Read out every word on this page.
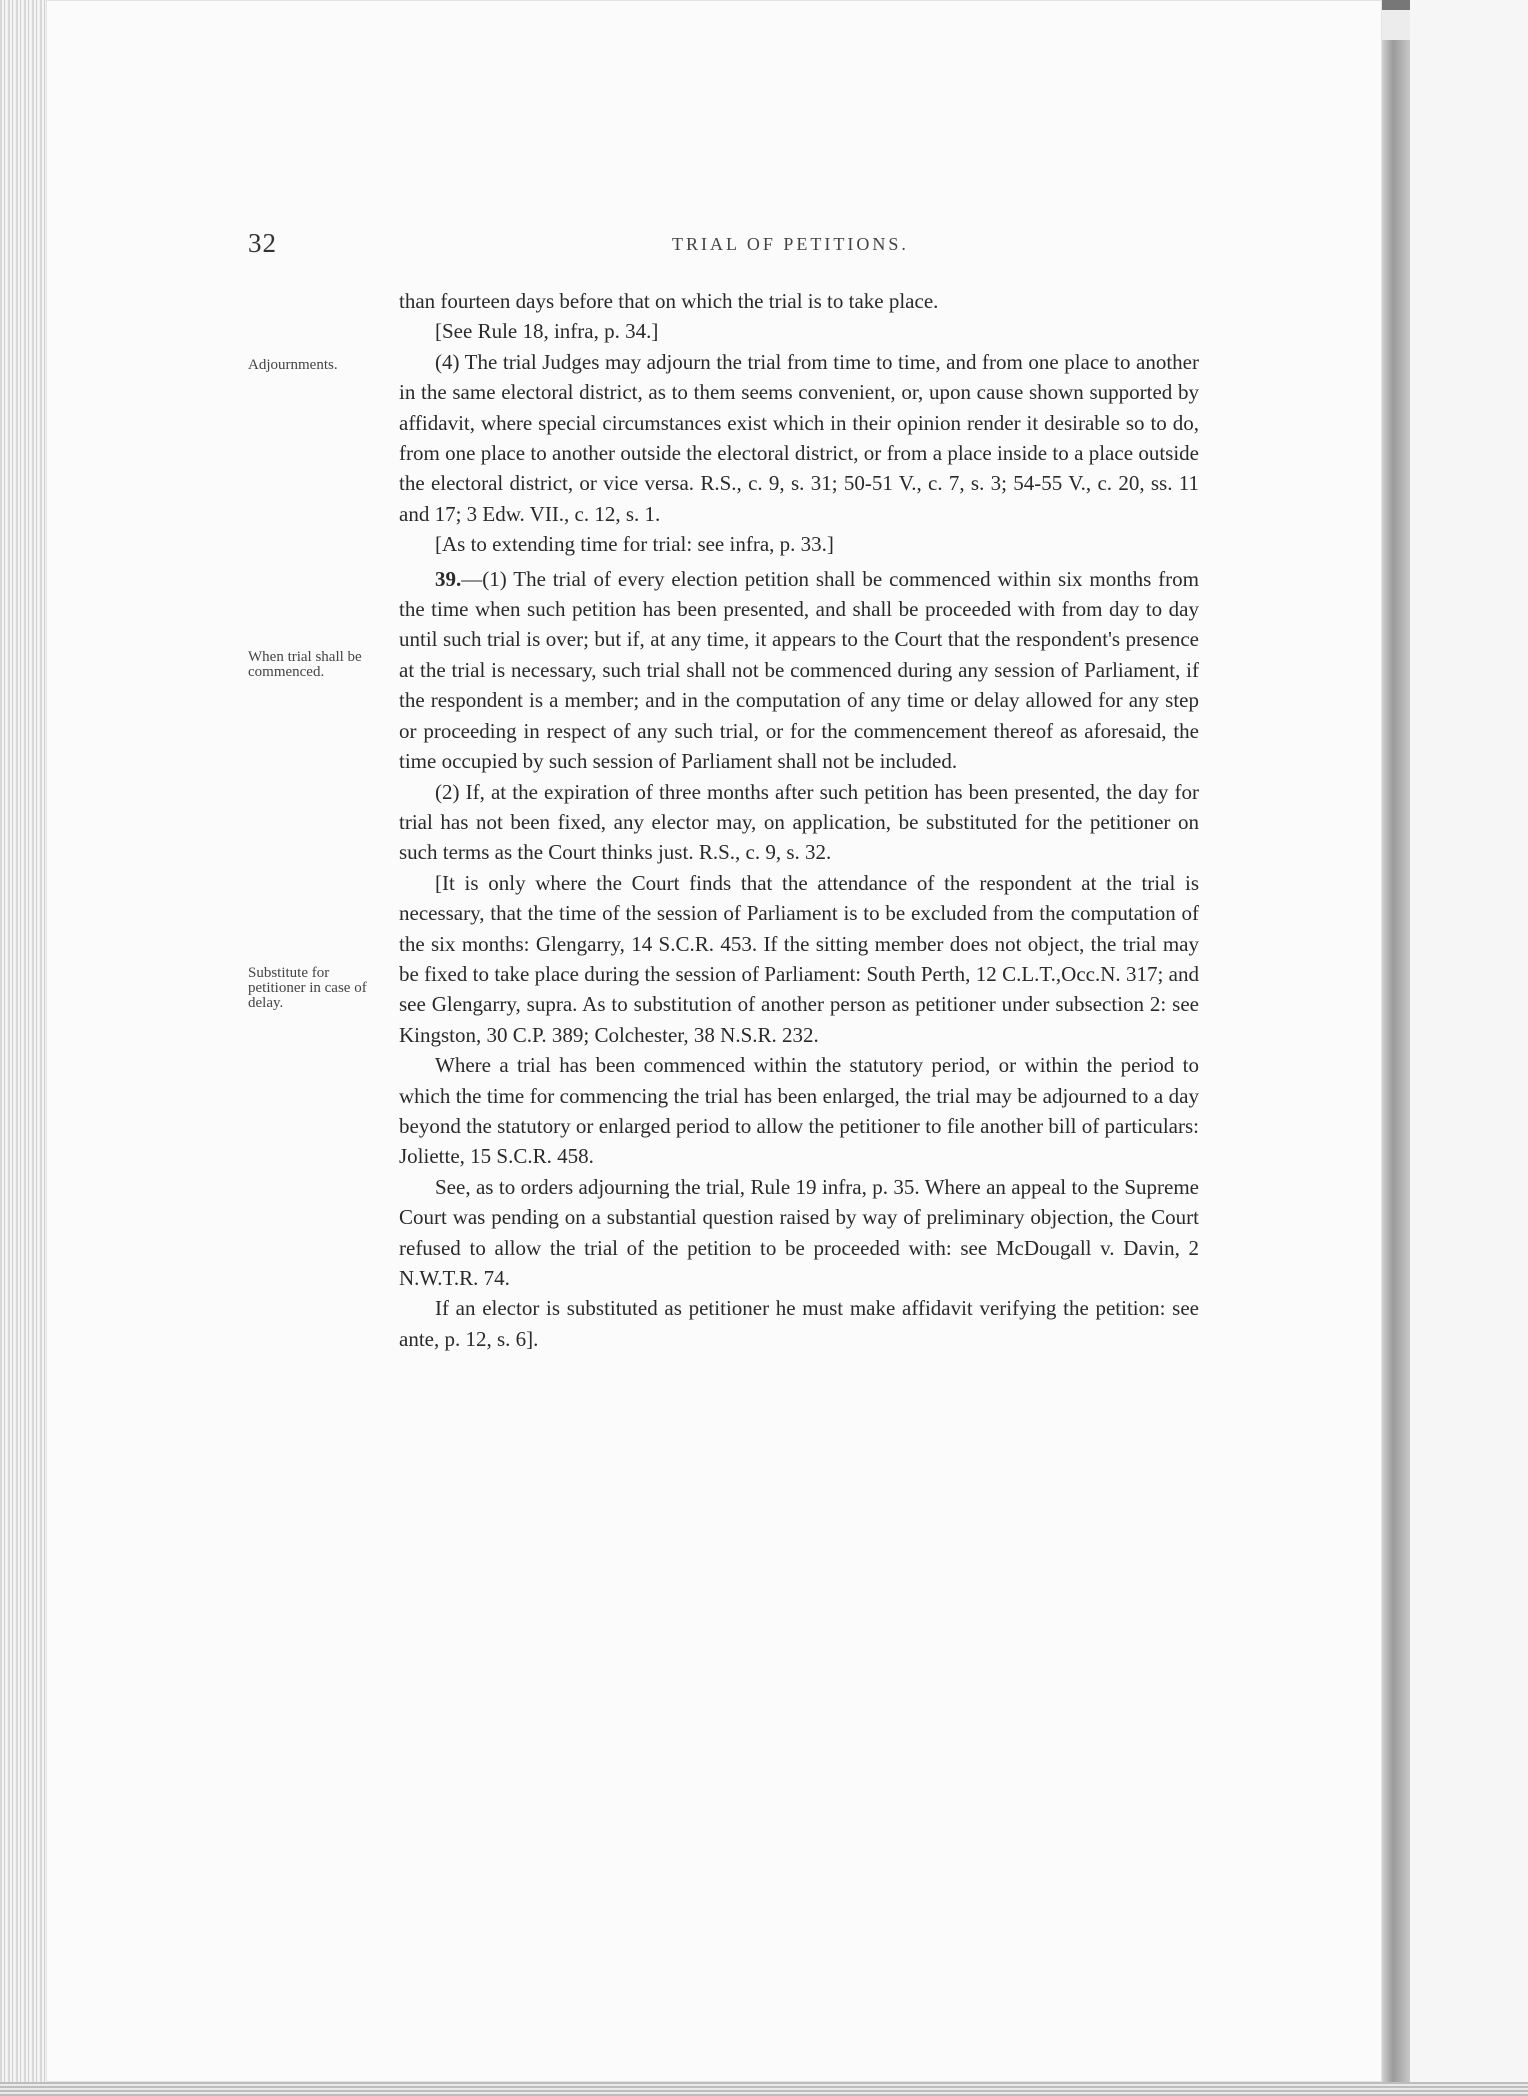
32	TRIAL OF PETITIONS.
Adjournments.
When trial shall be commenced.
Substitute for petitioner in case of delay.

than fourteen days before that on which the trial is to take place.

[See Rule 18, infra, p. 34.]

(4) The trial Judges may adjourn the trial from time to time, and from one place to another in the same electoral district, as to them seems convenient, or, upon cause shown supported by affidavit, where special circumstances exist which in their opinion render it desirable so to do, from one place to another outside the electoral district, or from a place inside to a place outside the electoral district, or vice versa. R.S., c. 9, s. 31; 50-51 V., c. 7, s. 3; 54-55 V., c. 20, ss. 11 and 17; 3 Edw. VII., c. 12, s. 1.

[As to extending time for trial: see infra, p. 33.]

39.—(1) The trial of every election petition shall be commenced within six months from the time when such petition has been presented, and shall be proceeded with from day to day until such trial is over; but if, at any time, it appears to the Court that the respondent's presence at the trial is necessary, such trial shall not be commenced during any session of Parliament, if the respondent is a member; and in the computation of any time or delay allowed for any step or proceeding in respect of any such trial, or for the commencement thereof as aforesaid, the time occupied by such session of Parliament shall not be included.

(2) If, at the expiration of three months after such petition has been presented, the day for trial has not been fixed, any elector may, on application, be substituted for the petitioner on such terms as the Court thinks just. R.S., c. 9, s. 32.

[It is only where the Court finds that the attendance of the respondent at the trial is necessary, that the time of the session of Parliament is to be excluded from the computation of the six months: Glengarry, 14 S.C.R. 453. If the sitting member does not object, the trial may be fixed to take place during the session of Parliament: South Perth, 12 C.L.T.,Occ.N. 317; and see Glengarry, supra. As to substitution of another person as petitioner under subsection 2: see Kingston, 30 C.P. 389; Colchester, 38 N.S.R. 232.

Where a trial has been commenced within the statutory period, or within the period to which the time for commencing the trial has been enlarged, the trial may be adjourned to a day beyond the statutory or enlarged period to allow the petitioner to file another bill of particulars: Joliette, 15 S.C.R. 458.

See, as to orders adjourning the trial, Rule 19 infra, p. 35. Where an appeal to the Supreme Court was pending on a substantial question raised by way of preliminary objection, the Court refused to allow the trial of the petition to be proceeded with: see McDougall v. Davin, 2 N.W.T.R. 74.

If an elector is substituted as petitioner he must make affidavit verifying the petition: see ante, p. 12, s. 6].
